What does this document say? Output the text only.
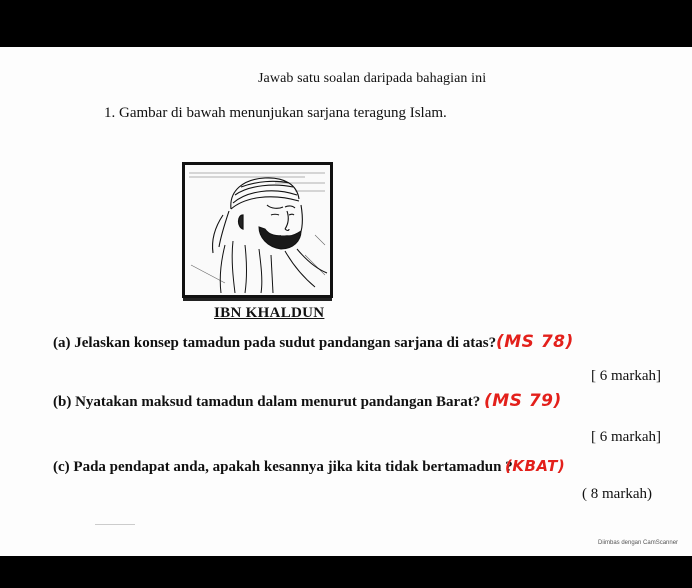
Jawab satu soalan daripada bahagian ini
1. Gambar di bawah menunjukan sarjana teragung Islam.
IBN KHALDUN
(a) Jelaskan konsep tamadun pada sudut pandangan sarjana di atas? (MS 78)
[ 6 markah]
(b) Nyatakan maksud tamadun dalam menurut pandangan Barat? (MS 79)
[ 6 markah]
(c) Pada pendapat anda, apakah kesannya jika kita tidak bertamadun ?
(KBAT)
( 8 markah)
Diimbas dengan CamScanner
